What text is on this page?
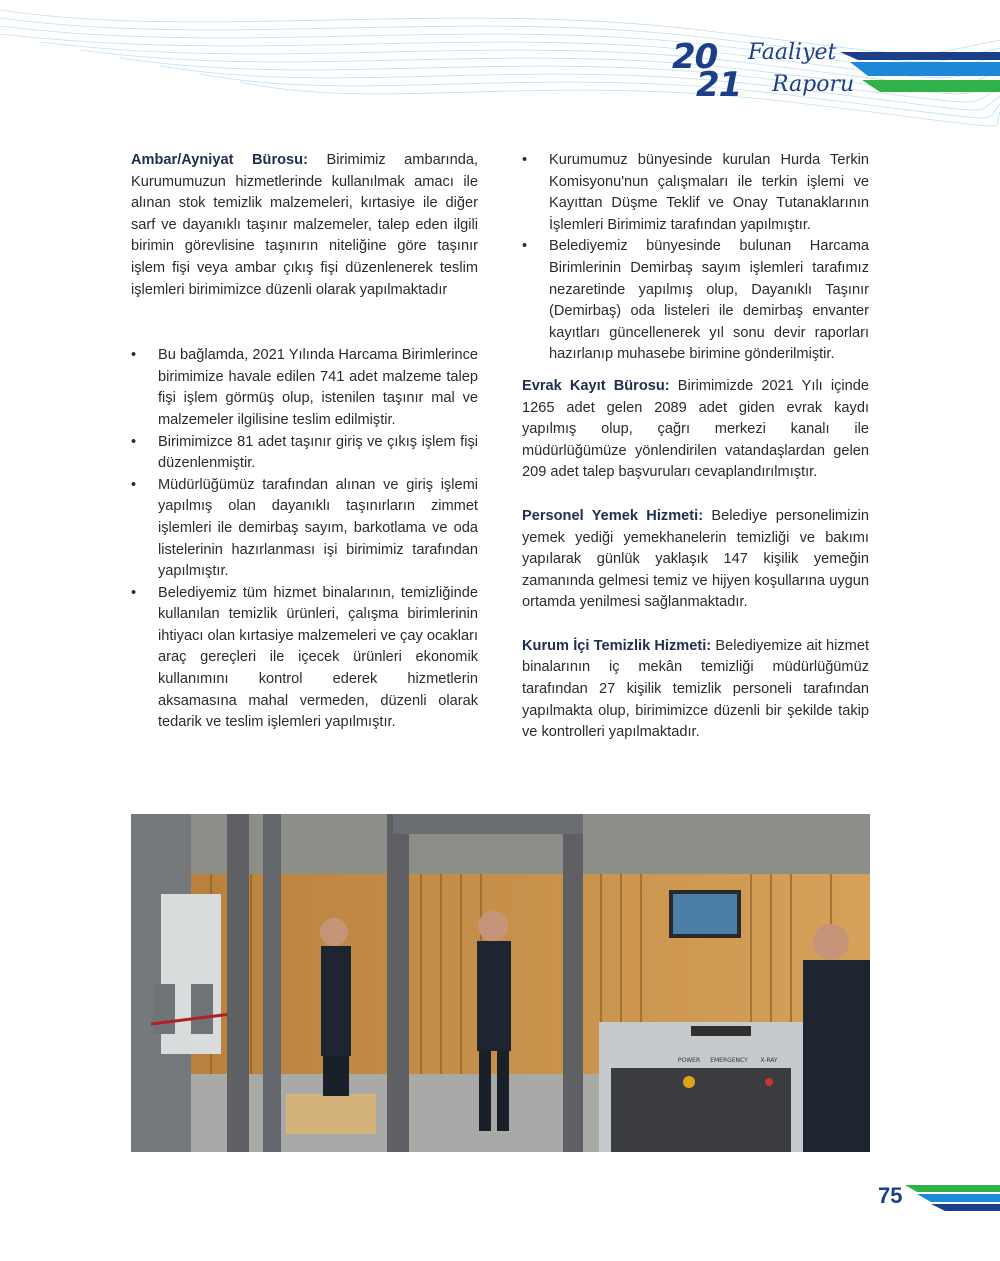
20
21
Faaliyet
Raporu

Ambar/Ayniyat Bürosu: Birimimiz ambarında, Kurumumuzun hizmetlerinde kullanılmak amacı ile alınan stok temizlik malzemeleri, kırtasiye ile diğer sarf ve dayanıklı taşınır malzemeler, talep eden ilgili birimin görevlisine taşınırın niteliğine göre taşınır işlem fişi veya ambar çıkış fişi düzenlenerek teslim işlemleri birimimizce düzenli olarak yapılmaktadır

• Bu bağlamda, 2021 Yılında Harcama Birimlerince birimimize havale edilen 741 adet malzeme talep fişi işlem görmüş olup, istenilen taşınır mal ve malzemeler ilgilisine teslim edilmiştir.
• Birimimizce 81 adet taşınır giriş ve çıkış işlem fişi düzenlenmiştir.
• Müdürlüğümüz tarafından alınan ve giriş işlemi yapılmış olan dayanıklı taşınırların zimmet işlemleri ile demirbaş sayım, barkotlama ve oda listelerinin hazırlanması işi birimimiz tarafından yapılmıştır.
• Belediyemiz tüm hizmet binalarının, temizliğinde kullanılan temizlik ürünleri, çalışma birimlerinin ihtiyacı olan kırtasiye malzemeleri ve çay ocakları araç gereçleri ile içecek ürünleri ekonomik kullanımını kontrol ederek hizmetlerin aksamasına mahal vermeden, düzenli olarak tedarik ve teslim işlemleri yapılmıştır.
• Kurumumuz bünyesinde kurulan Hurda Terkin Komisyonu'nun çalışmaları ile terkin işlemi ve Kayıttan Düşme Teklif ve Onay Tutanaklarının İşlemleri Birimimiz tarafından yapılmıştır.
• Belediyemiz bünyesinde bulunan Harcama Birimlerinin Demirbaş sayım işlemleri tarafımız nezaretinde yapılmış olup, Dayanıklı Taşınır (Demirbaş) oda listeleri ile demirbaş envanter kayıtları güncellenerek yıl sonu devir raporları hazırlanıp muhasebe birimine gönderilmiştir.

Evrak Kayıt Bürosu: Birimimizde 2021 Yılı içinde 1265 adet gelen 2089 adet giden evrak kaydı yapılmış olup, çağrı merkezi kanalı ile müdürlüğümüze yönlendirilen vatandaşlardan gelen 209 adet talep başvuruları cevaplandırılmıştır.

Personel Yemek Hizmeti: Belediye personelimizin yemek yediği yemekhanelerin temizliği ve bakımı yapılarak günlük yaklaşık 147 kişilik yemeğin zamanında gelmesi temiz ve hijyen koşullarına uygun ortamda yenilmesi sağlanmaktadır.

Kurum İçi Temizlik Hizmeti: Belediyemize ait hizmet binalarının iç mekân temizliği müdürlüğümüz tarafından 27 kişilik temizlik personeli tarafından yapılmakta olup, birimimizce düzenli bir şekilde takip ve kontrolleri yapılmaktadır.

POWER EMERGENCY X-RAY
75
